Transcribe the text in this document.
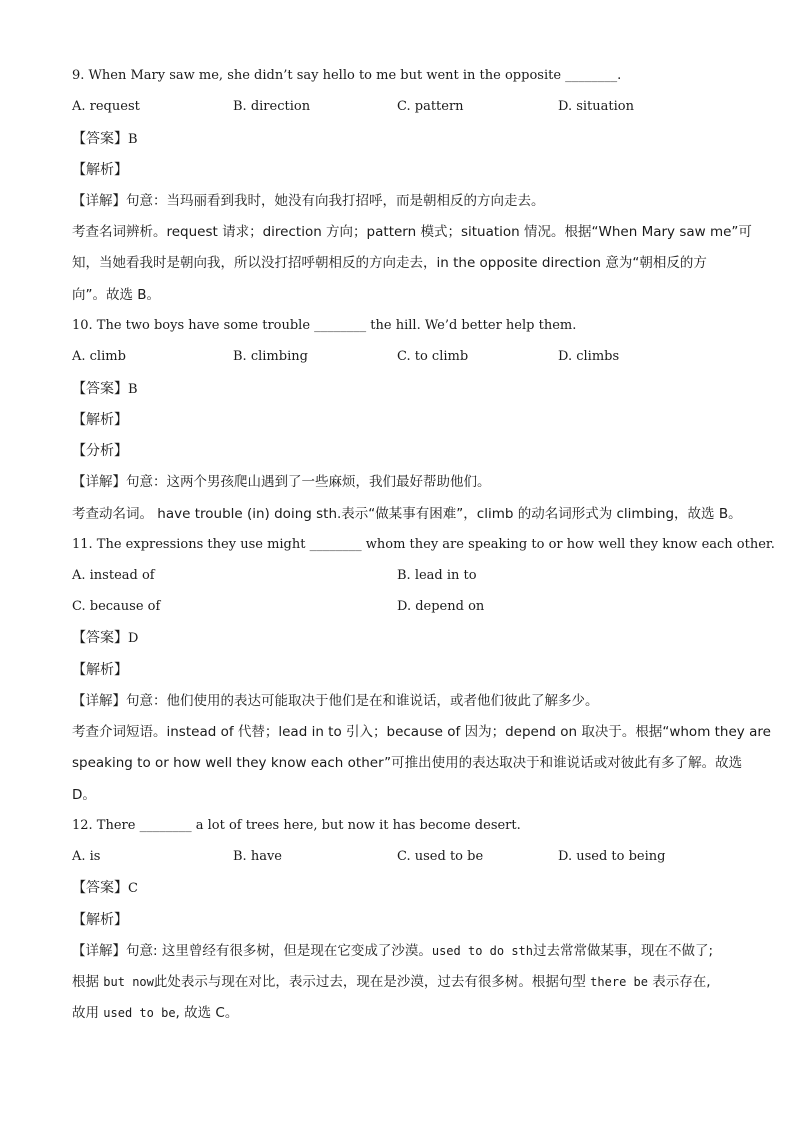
9. When Mary saw me, she didn’t say hello to me but went in the opposite ________.
A. request	B. direction	C. pattern	D. situation
【答案】B
【解析】
【详解】句意：当玛丽看到我时，她没有向我打招呼，而是朝相反的方向走去。
考查名词辨析。request 请求；direction 方向；pattern 模式；situation 情况。根据“When Mary saw me”可
知，当她看我时是朝向我，所以没打招呼朝相反的方向走去，in the opposite direction 意为“朝相反的方
向”。故选 B。
10. The two boys have some trouble ________ the hill. We’d better help them.
A. climb	B. climbing	C. to climb	D. climbs
【答案】B
【解析】
【分析】
【详解】句意：这两个男孩爬山遇到了一些麻烦，我们最好帮助他们。
考查动名词。 have trouble (in) doing sth.表示“做某事有困难”，climb 的动名词形式为 climbing，故选 B。
11. The expressions they use might ________ whom they are speaking to or how well they know each other.
A. instead of	B. lead in to
C. because of	D. depend on
【答案】D
【解析】
【详解】句意：他们使用的表达可能取决于他们是在和谁说话，或者他们彼此了解多少。
考查介词短语。instead of 代替；lead in to 引入；because of 因为；depend on 取决于。根据“whom they are
speaking to or how well they know each other”可推出使用的表达取决于和谁说话或对彼此有多了解。故选
D。
12. There ________ a lot of trees here, but now it has become desert.
A. is	B. have	C. used to be	D. used to being
【答案】C
【解析】
【详解】句意: 这里曾经有很多树，但是现在它变成了沙漠。used to do sth过去常常做某事，现在不做了;
根据 but now此处表示与现在对比，表示过去，现在是沙漠，过去有很多树。根据句型 there be 表示存在,
故用 used to be, 故选 C。
